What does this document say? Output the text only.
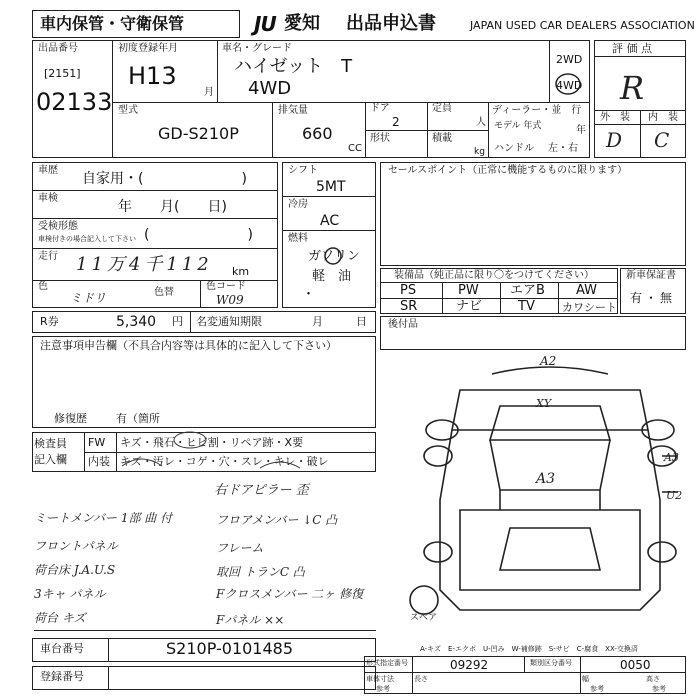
車内保管・守衛保管	JU 愛知 出品申込書	JAPAN USED CAR DEALERS ASSOCIATION
出品番号
[2151]
02133
初度登録年月
H13
月
車名・グレード
ハイゼット　T
4WD
2WD
4WD
評 価 点
R
外　装 内　装
D C
型式
GD-S210P
排気量
660
CC
ドア
2
定員
人
形状	積載
kg
ディーラー・並　行
モデル 年式	年
ハンドル 左・右
車歴
自家用・(　　　　　　　)
車検
年　　月(　　日)
受検形態
車検付きの場合記入して下さい (　　　　　　　)
走行 11万4千112 km
色
ミドリ	色替
色コード
W09
シフト
5MT
冷房
AC
燃料
ガソリン
軽　油
・
セールスポイント（正常に機能するものに限ります）
装備品（純正品に限り〇をつけてください）
PS	PW エアB AW
SR	ナビ	TV カワシート
新車保証書
有・無
後付品
R券	5,340 円 名変通知期限	月	日
注意事項申告欄（不具合内容等は具体的に記入して下さい）
修復歴	有（箇所
検査員
記入欄
FW キズ・飛石・ヒビ割・リペア跡・X要
内装 キズ・汚レ・コゲ・穴・スレ・キレ・破レ
右ドアピラー 歪
ミートメンバー 1部 曲 付	フロアメンバー ↓C 凸
フロントパネル	フレーム
荷台床 J.A.U.S	取回 トランC 凸
3キャ パネル	Fクロスメンバー 二ヶ 修復
荷台 キズ	Fパネル ××
A2
XY
A3
A3
U2
スペア
A-キズ　E-エクボ　U-凹み　W-補修跡　S-サビ　C-腐食　XX-交換済
車台番号	S210P-0101485
登録番号
形式指定番号	09292	類別区分番号	0050
車体寸法	長さ	幅	高さ
参考	参考	参考
